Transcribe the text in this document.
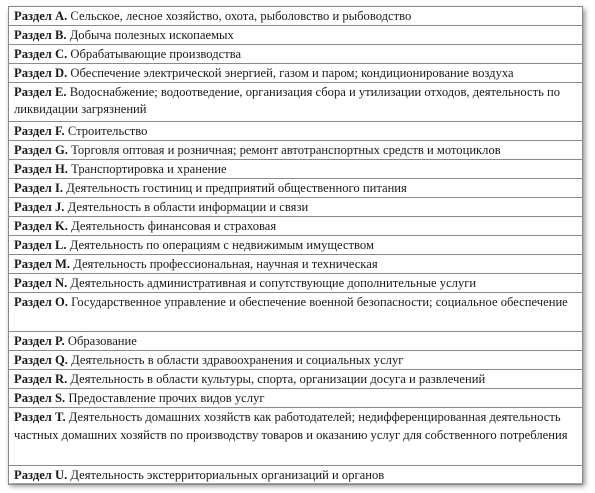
Раздел A. Сельское, лесное хозяйство, охота, рыболовство и рыбоводство
Раздел B. Добыча полезных ископаемых
Раздел C. Обрабатывающие производства
Раздел D. Обеспечение электрической энергией, газом и паром; кондиционирование воздуха
Раздел E. Водоснабжение; водоотведение, организация сбора и утилизации отходов, деятельность по ликвидации загрязнений
Раздел F. Строительство
Раздел G. Торговля оптовая и розничная; ремонт автотранспортных средств и мотоциклов
Раздел H. Транспортировка и хранение
Раздел I. Деятельность гостиниц и предприятий общественного питания
Раздел J. Деятельность в области информации и связи
Раздел K. Деятельность финансовая и страховая
Раздел L. Деятельность по операциям с недвижимым имуществом
Раздел M. Деятельность профессиональная, научная и техническая
Раздел N. Деятельность административная и сопутствующие дополнительные услуги
Раздел O. Государственное управление и обеспечение военной безопасности; социальное обеспечение
Раздел P. Образование
Раздел Q. Деятельность в области здравоохранения и социальных услуг
Раздел R. Деятельность в области культуры, спорта, организации досуга и развлечений
Раздел S. Предоставление прочих видов услуг
Раздел T. Деятельность домашних хозяйств как работодателей; недифференцированная деятельность частных домашних хозяйств по производству товаров и оказанию услуг для собственного потребления
Раздел U. Деятельность экстерриториальных организаций и органов
